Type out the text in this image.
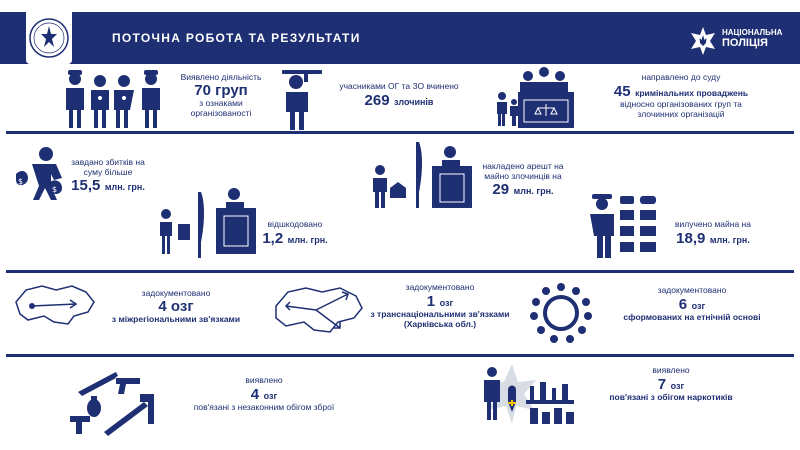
ПОТОЧНА РОБОТА ТА РЕЗУЛЬТАТИ	НАЦІОНАЛЬНА
ПОЛІЦІЯ
Виявлено діяльність
70 груп
з ознаками
організованості
учасниками ОГ та ЗО вчинено
269 злочинів
направлено до суду
45 кримінальних проваджень
відносно організованих груп та
злочинних організацій
$
$
завдано збитків на
суму більше
15,5 млн. грн.
накладено арешт на
майно злочинців на
29 млн. грн.
відшкодовано
1,2 млн. грн.
вилучено майна на
18,9 млн. грн.
задокументовано
4 озг
з міжрегіональними зв'язками
задокументовано
1 озг
з транснаціональними зв'язками
(Харківська обл.)
задокументовано
6 озг
сформованих на етнічній основі
виявлено
4 озг
пов'язані з незаконним обігом зброї
виявлено
7 озг
пов'язані з обігом наркотиків
